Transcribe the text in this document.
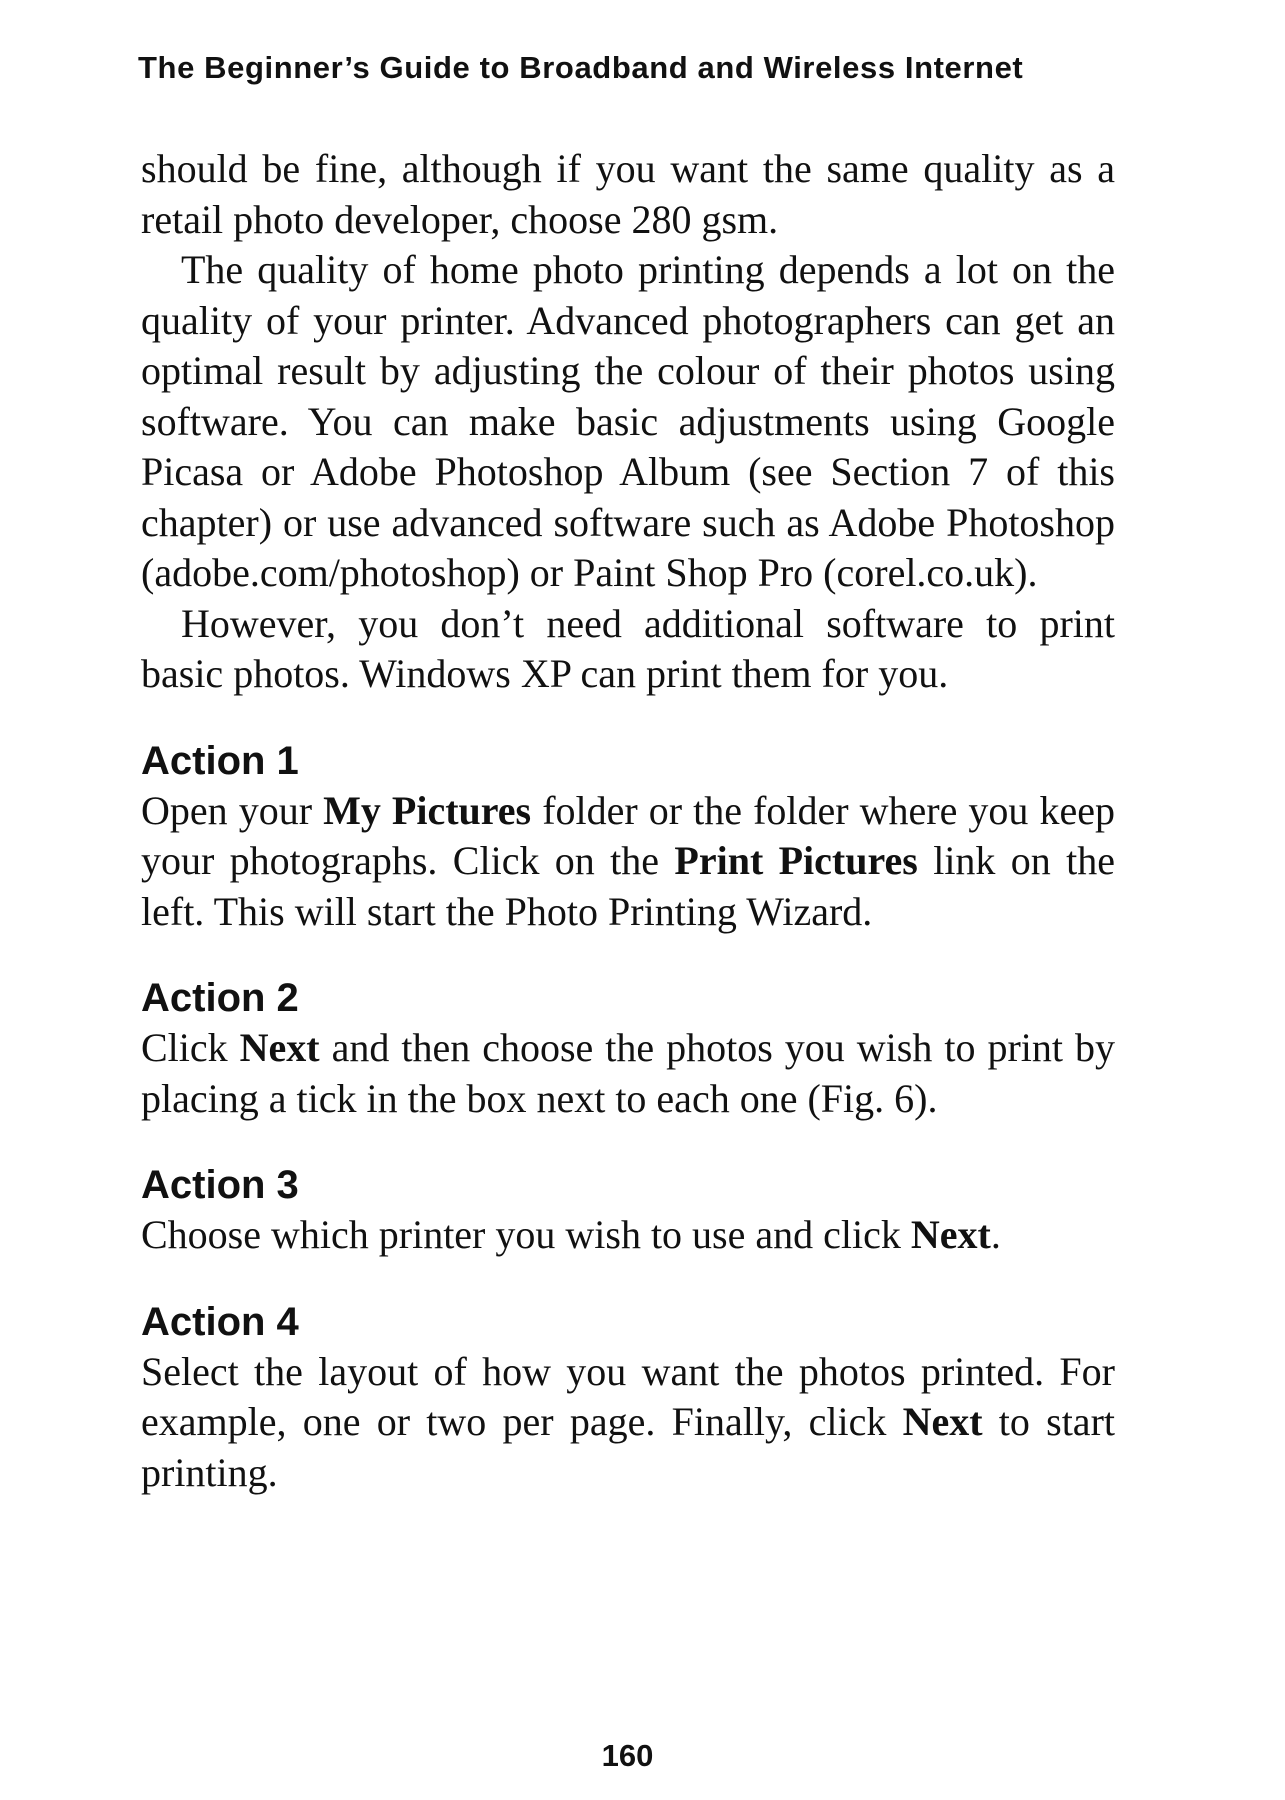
The Beginner’s Guide to Broadband and Wireless Internet

should be fine, although if you want the same quality as a retail photo developer, choose 280 gsm.

The quality of home photo printing depends a lot on the quality of your printer. Advanced photographers can get an optimal result by adjusting the colour of their photos using software. You can make basic adjustments using Google Picasa or Adobe Photoshop Album (see Section 7 of this chapter) or use advanced software such as Adobe Photoshop (adobe.com/photoshop) or Paint Shop Pro (corel.co.uk).

However, you don’t need additional software to print basic photos. Windows XP can print them for you.

Action 1

Open your My Pictures folder or the folder where you keep your photographs. Click on the Print Pictures link on the left. This will start the Photo Printing Wizard.

Action 2

Click Next and then choose the photos you wish to print by placing a tick in the box next to each one (Fig. 6).

Action 3

Choose which printer you wish to use and click Next.

Action 4

Select the layout of how you want the photos printed. For example, one or two per page. Finally, click Next to start printing.

160
